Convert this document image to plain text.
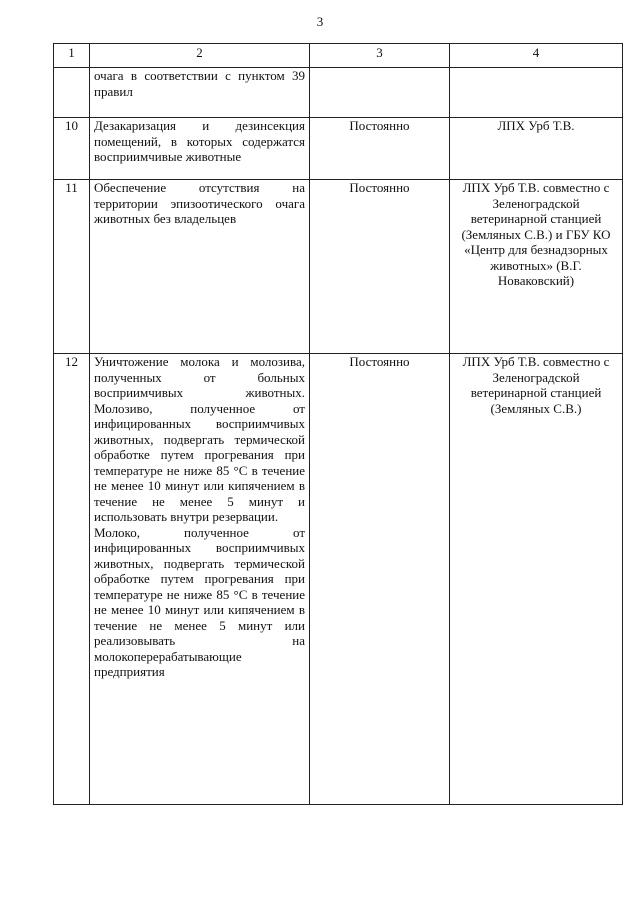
3
1	2	3	4

	очага в соответствии с пунктом 39 правил		

10	Дезакаризация и дезинсекция помещений, в которых содержатся восприимчивые животные	Постоянно	ЛПХ Урб Т.В.
11	Обеспечение отсутствия на территории эпизоотического очага животных без владельцев	Постоянно	ЛПХ Урб Т.В. совместно с Зеленоградской ветеринарной станцией (Земляных С.В.) и ГБУ КО «Центр для безнадзорных животных» (В.Г. Новаковский)
12	Уничтожение молока и молозива, полученных от больных восприимчивых животных. Молозиво, полученное от инфицированных восприимчивых животных, подвергать термической обработке путем прогревания при температуре не ниже 85 °С в течение не менее 10 минут или кипячением в течение не менее 5 минут и использовать внутри резервации.

Молоко, полученное от инфицированных восприимчивых животных, подвергать термической обработке путем прогревания при температуре не ниже 85 °С в течение не менее 10 минут или кипячением в течение не менее 5 минут или реализовывать на молокоперерабатывающие предприятия	Постоянно	ЛПХ Урб Т.В. совместно с Зеленоградской ветеринарной станцией (Земляных С.В.)
